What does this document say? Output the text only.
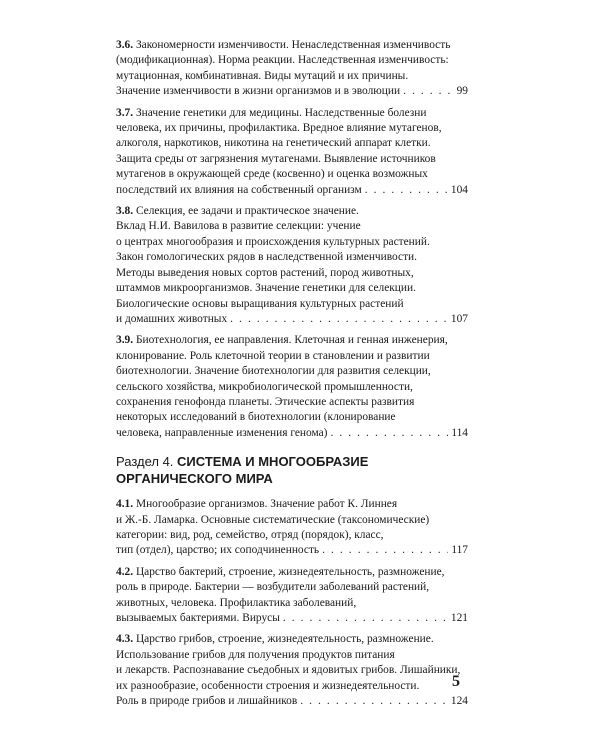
3.6. Закономерности изменчивости. Ненаследственная изменчивость
(модификационная). Норма реакции. Наследственная изменчивость:
мутационная, комбинативная. Виды мутаций и их причины.
Значение изменчивости в жизни организмов и в эволюции . . .	99
3.7. Значение генетики для медицины. Наследственные болезни
человека, их причины, профилактика. Вредное влияние мутагенов,
алкоголя, наркотиков, никотина на генетический аппарат клетки.
Защита среды от загрязнения мутагенами. Выявление источников
мутагенов в окружающей среде (косвенно) и оценка возможных
последствий их влияния на собственный организм . . .	104
3.8. Селекция, ее задачи и практическое значение.
Вклад Н.И. Вавилова в развитие селекции: учение
о центрах многообразия и происхождения культурных растений.
Закон гомологических рядов в наследственной изменчивости.
Методы выведения новых сортов растений, пород животных,
штаммов микроорганизмов. Значение генетики для селекции.
Биологические основы выращивания культурных растений
и домашних животных . . .	107
3.9. Биотехнология, ее направления. Клеточная и генная инженерия,
клонирование. Роль клеточной теории в становлении и развитии
биотехнологии. Значение биотехнологии для развития селекции,
сельского хозяйства, микробиологической промышленности,
сохранения генофонда планеты. Этические аспекты развития
некоторых исследований в биотехнологии (клонирование
человека, направленные изменения генома) . . .	114
Раздел 4. СИСТЕМА И МНОГООБРАЗИЕ
ОРГАНИЧЕСКОГО МИРА
4.1. Многообразие организмов. Значение работ К. Линнея
и Ж.-Б. Ламарка. Основные систематические (таксономические)
категории: вид, род, семейство, отряд (порядок), класс,
тип (отдел), царство; их соподчиненность . . .	117
4.2. Царство бактерий, строение, жизнедеятельность, размножение,
роль в природе. Бактерии — возбудители заболеваний растений,
животных, человека. Профилактика заболеваний,
вызываемых бактериями. Вирусы . . .	121
4.3. Царство грибов, строение, жизнедеятельность, размножение.
Использование грибов для получения продуктов питания
и лекарств. Распознавание съедобных и ядовитых грибов. Лишайники,
их разнообразие, особенности строения и жизнедеятельности.
Роль в природе грибов и лишайников . . .	124
5
